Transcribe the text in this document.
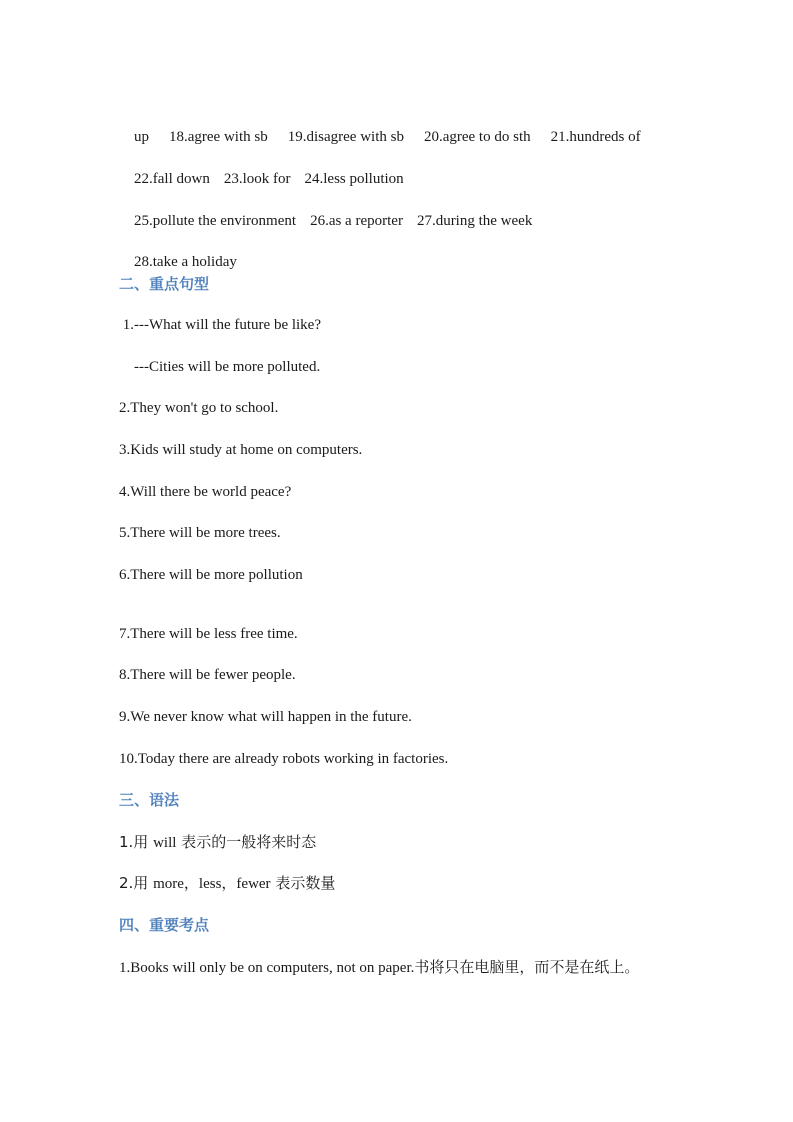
up 18.agree with sb 19.disagree with sb 20.agree to do sth 21.hundreds of

22.fall down 23.look for 24.less pollution

25.pollute the environment 26.as a reporter 27.during the week

28.take a holiday

二、重点句型
1.---What will the future be like?
---Cities will be more polluted.
2.They won't go to school.
3.Kids will study at home on computers.
4.Will there be world peace?
5.There will be more trees.
6.There will be more pollution
7.There will be less free time.
8.There will be fewer people.
9.We never know what will happen in the future.
10.Today there are already robots working in factories.
三、语法
1.用 will 表示的一般将来时态
2.用 more，less，fewer 表示数量
四、重要考点
1.Books will only be on computers, not on paper.书将只在电脑里，而不是在纸上。
